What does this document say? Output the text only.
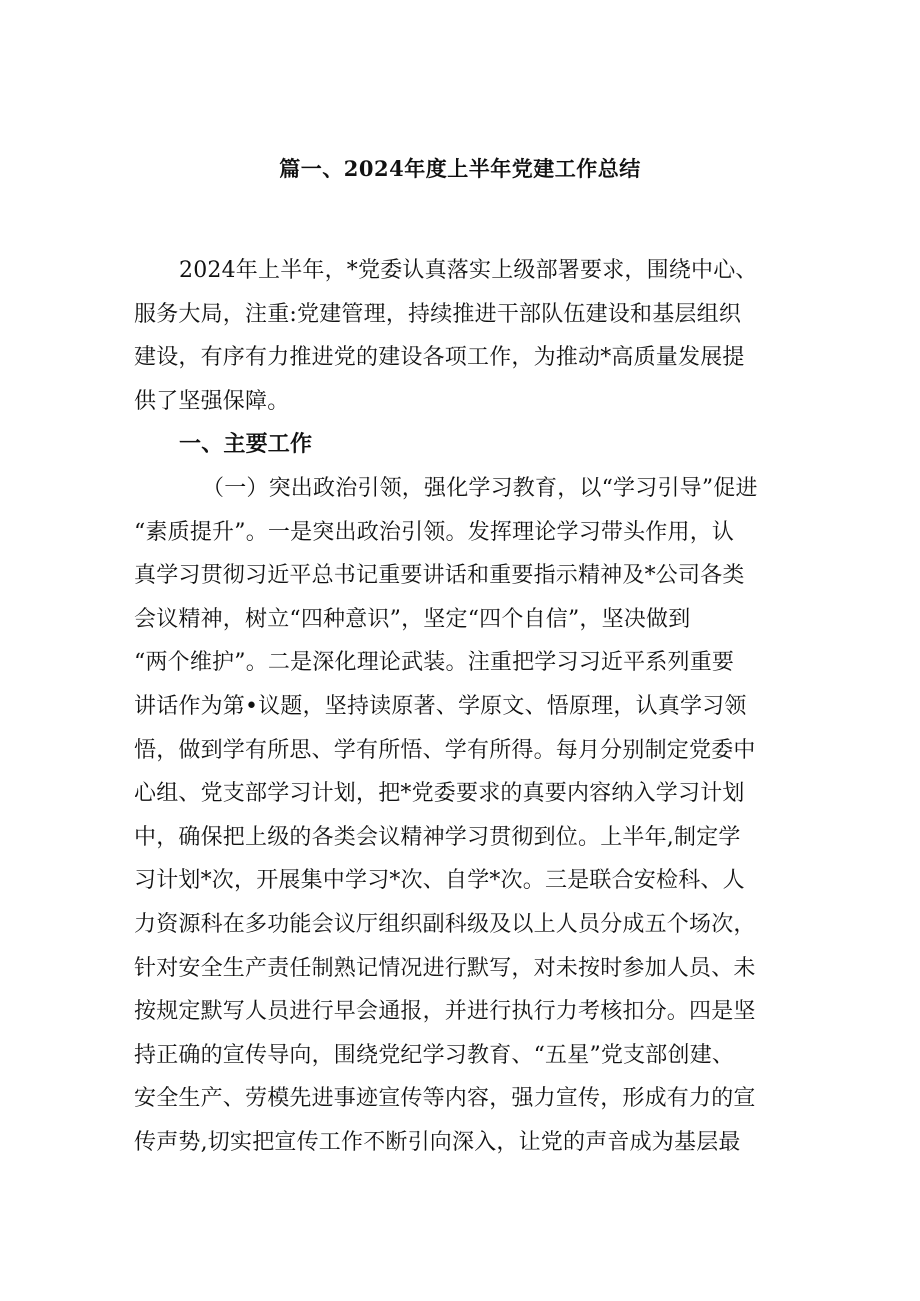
篇一、2024年度上半年党建工作总结
2024年上半年，*党委认真落实上级部署要求，围绕中心、
服务大局，注重:党建管理，持续推进干部队伍建设和基层组织
建设，有序有力推进党的建设各项工作，为推动*高质量发展提
供了坚强保障。
一、主要工作
（一）突出政治引领，强化学习教育，以“学习引导”促进
“素质提升”。一是突出政治引领。发挥理论学习带头作用，认
真学习贯彻习近平总书记重要讲话和重要指示精神及*公司各类
会议精神，树立“四种意识”，坚定“四个自信”，坚决做到
“两个维护”。二是深化理论武装。注重把学习习近平系列重要
讲话作为第•议题，坚持读原著、学原文、悟原理，认真学习领
悟，做到学有所思、学有所悟、学有所得。每月分别制定党委中
心组、党支部学习计划，把*党委要求的真要内容纳入学习计划
中，确保把上级的各类会议精神学习贯彻到位。上半年,制定学
习计划*次，开展集中学习*次、自学*次。三是联合安检科、人
力资源科在多功能会议厅组织副科级及以上人员分成五个场次，
针对安全生产责任制熟记情况进行默写，对未按时参加人员、未
按规定默写人员进行早会通报，并进行执行力考核扣分。四是坚
持正确的宣传导向，围绕党纪学习教育、“五星”党支部创建、
安全生产、劳模先进事迹宣传等内容，强力宣传，形成有力的宣
传声势,切实把宣传工作不断引向深入，让党的声音成为基层最
